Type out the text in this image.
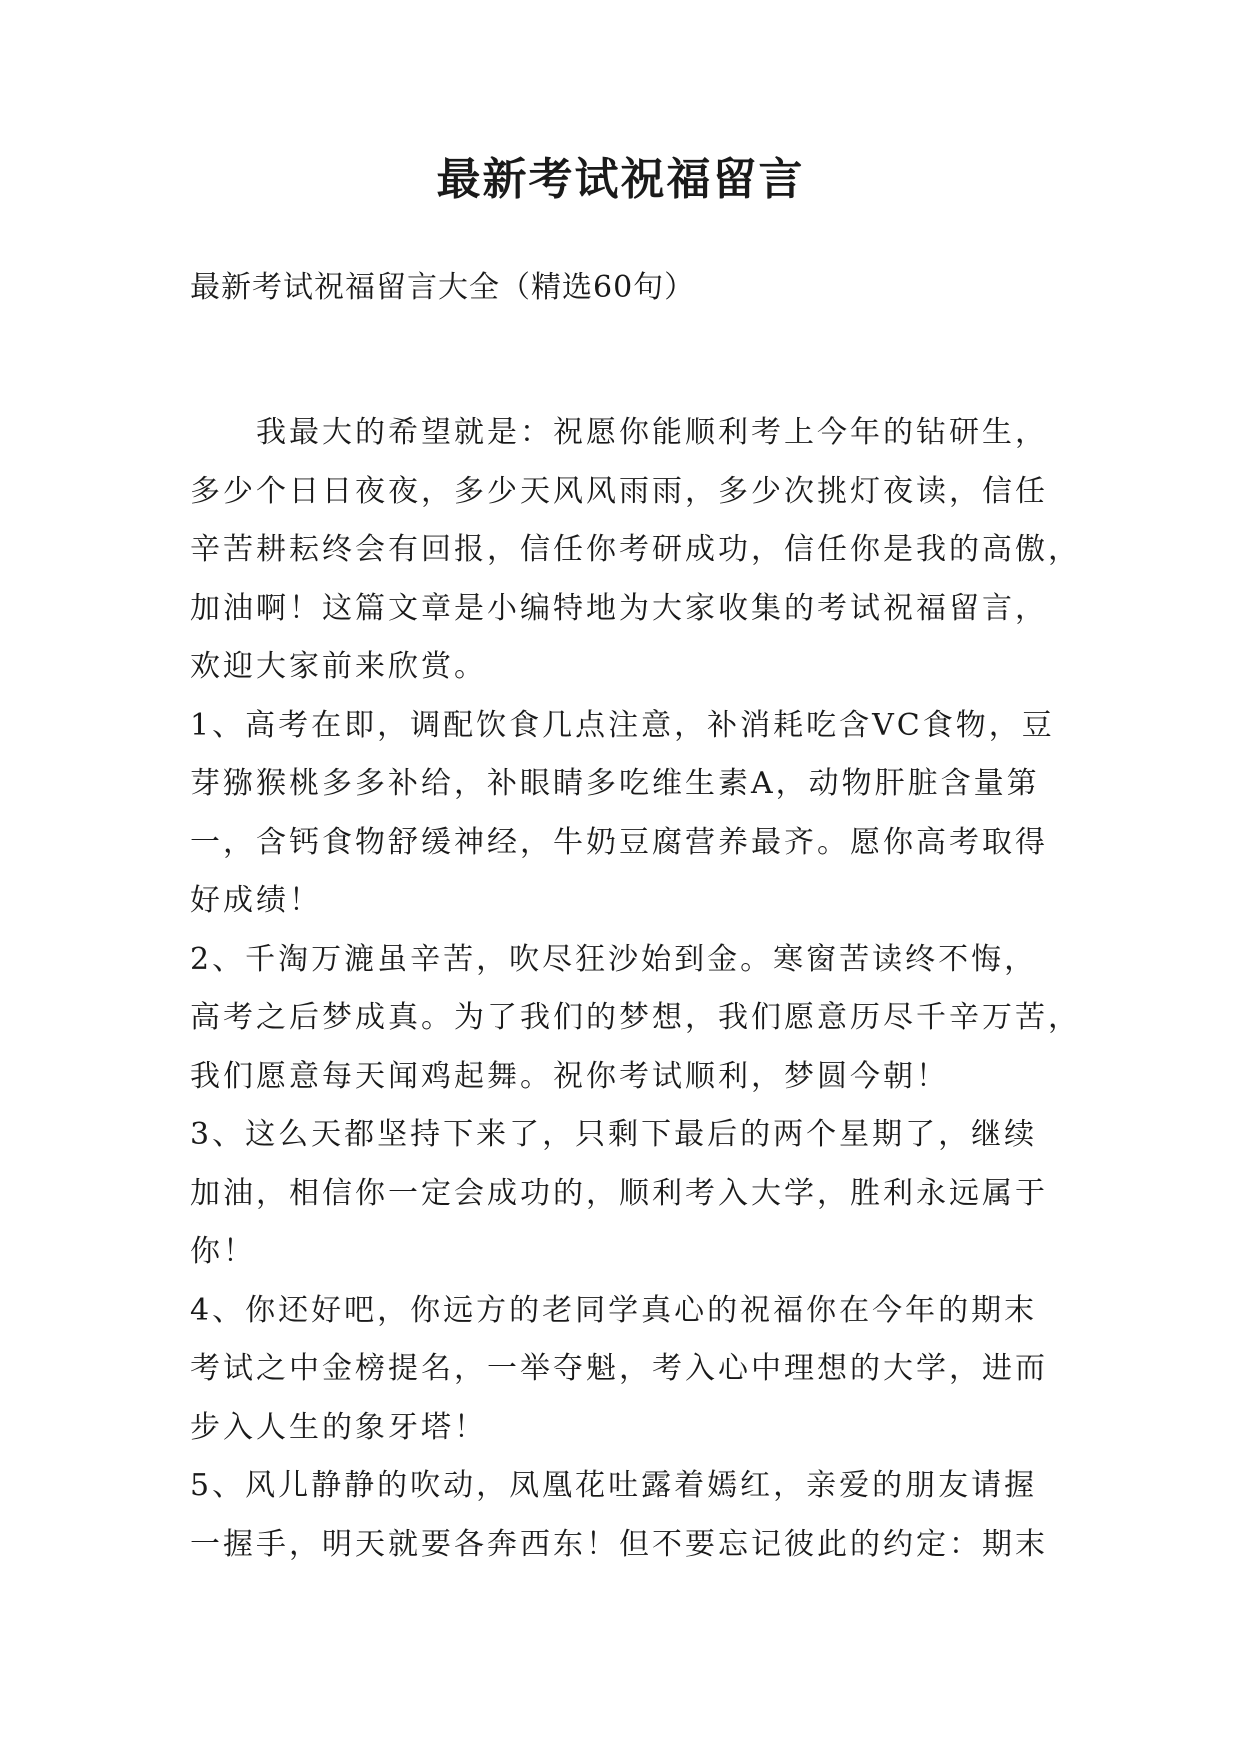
最新考试祝福留言

最新考试祝福留言大全（精选60句）

我最大的希望就是：祝愿你能顺利考上今年的钻研生，
多少个日日夜夜，多少天风风雨雨，多少次挑灯夜读，信任
辛苦耕耘终会有回报，信任你考研成功，信任你是我的高傲，
加油啊！这篇文章是小编特地为大家收集的考试祝福留言，
欢迎大家前来欣赏。
1、高考在即，调配饮食几点注意，补消耗吃含VC食物，豆
芽猕猴桃多多补给，补眼睛多吃维生素A，动物肝脏含量第
一，含钙食物舒缓神经，牛奶豆腐营养最齐。愿你高考取得
好成绩！
2、千淘万漉虽辛苦，吹尽狂沙始到金。寒窗苦读终不悔，
高考之后梦成真。为了我们的梦想，我们愿意历尽千辛万苦，
我们愿意每天闻鸡起舞。祝你考试顺利，梦圆今朝！
3、这么天都坚持下来了，只剩下最后的两个星期了，继续
加油，相信你一定会成功的，顺利考入大学，胜利永远属于
你！
4、你还好吧，你远方的老同学真心的祝福你在今年的期末
考试之中金榜提名，一举夺魁，考入心中理想的大学，进而
步入人生的象牙塔！
5、风儿静静的吹动，凤凰花吐露着嫣红，亲爱的朋友请握
一握手，明天就要各奔西东！但不要忘记彼此的约定：期末
